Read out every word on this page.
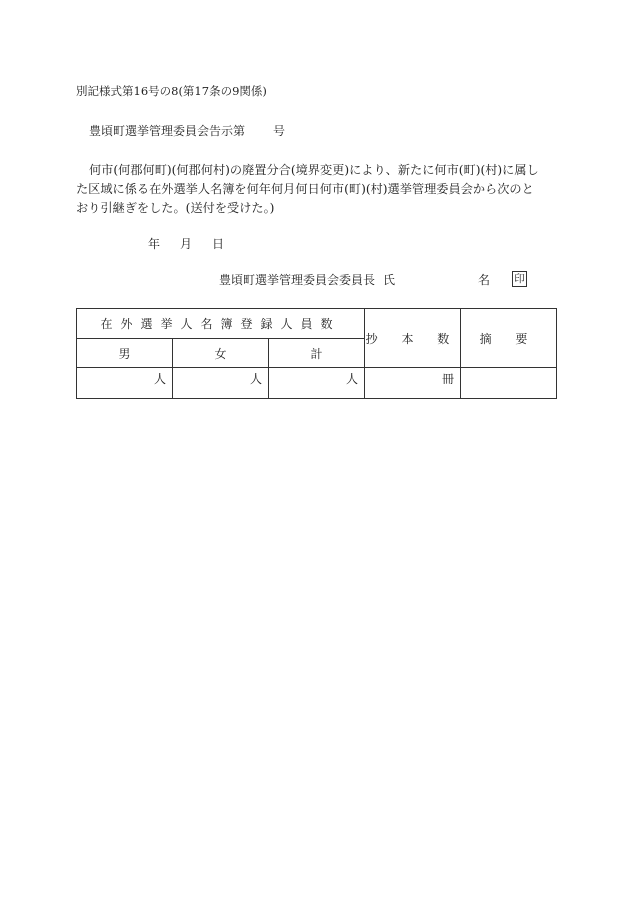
別記様式第16号の8(第17条の9関係)
豊頃町選挙管理委員会告示第 号
何市(何郡何町)(何郡何村)の廃置分合(境界変更)により、新たに何市(町)(村)に属し
た区域に係る在外選挙人名簿を何年何月何日何市(町)(村)選挙管理委員会から次のと
おり引継ぎをした。(送付を受けた。)
年 月 日
豊頃町選挙管理委員会委員長 氏	名 印
在外選挙人名簿登録人員数			抄 本 数	摘 要
男	女	計		
人	人	人	冊	
